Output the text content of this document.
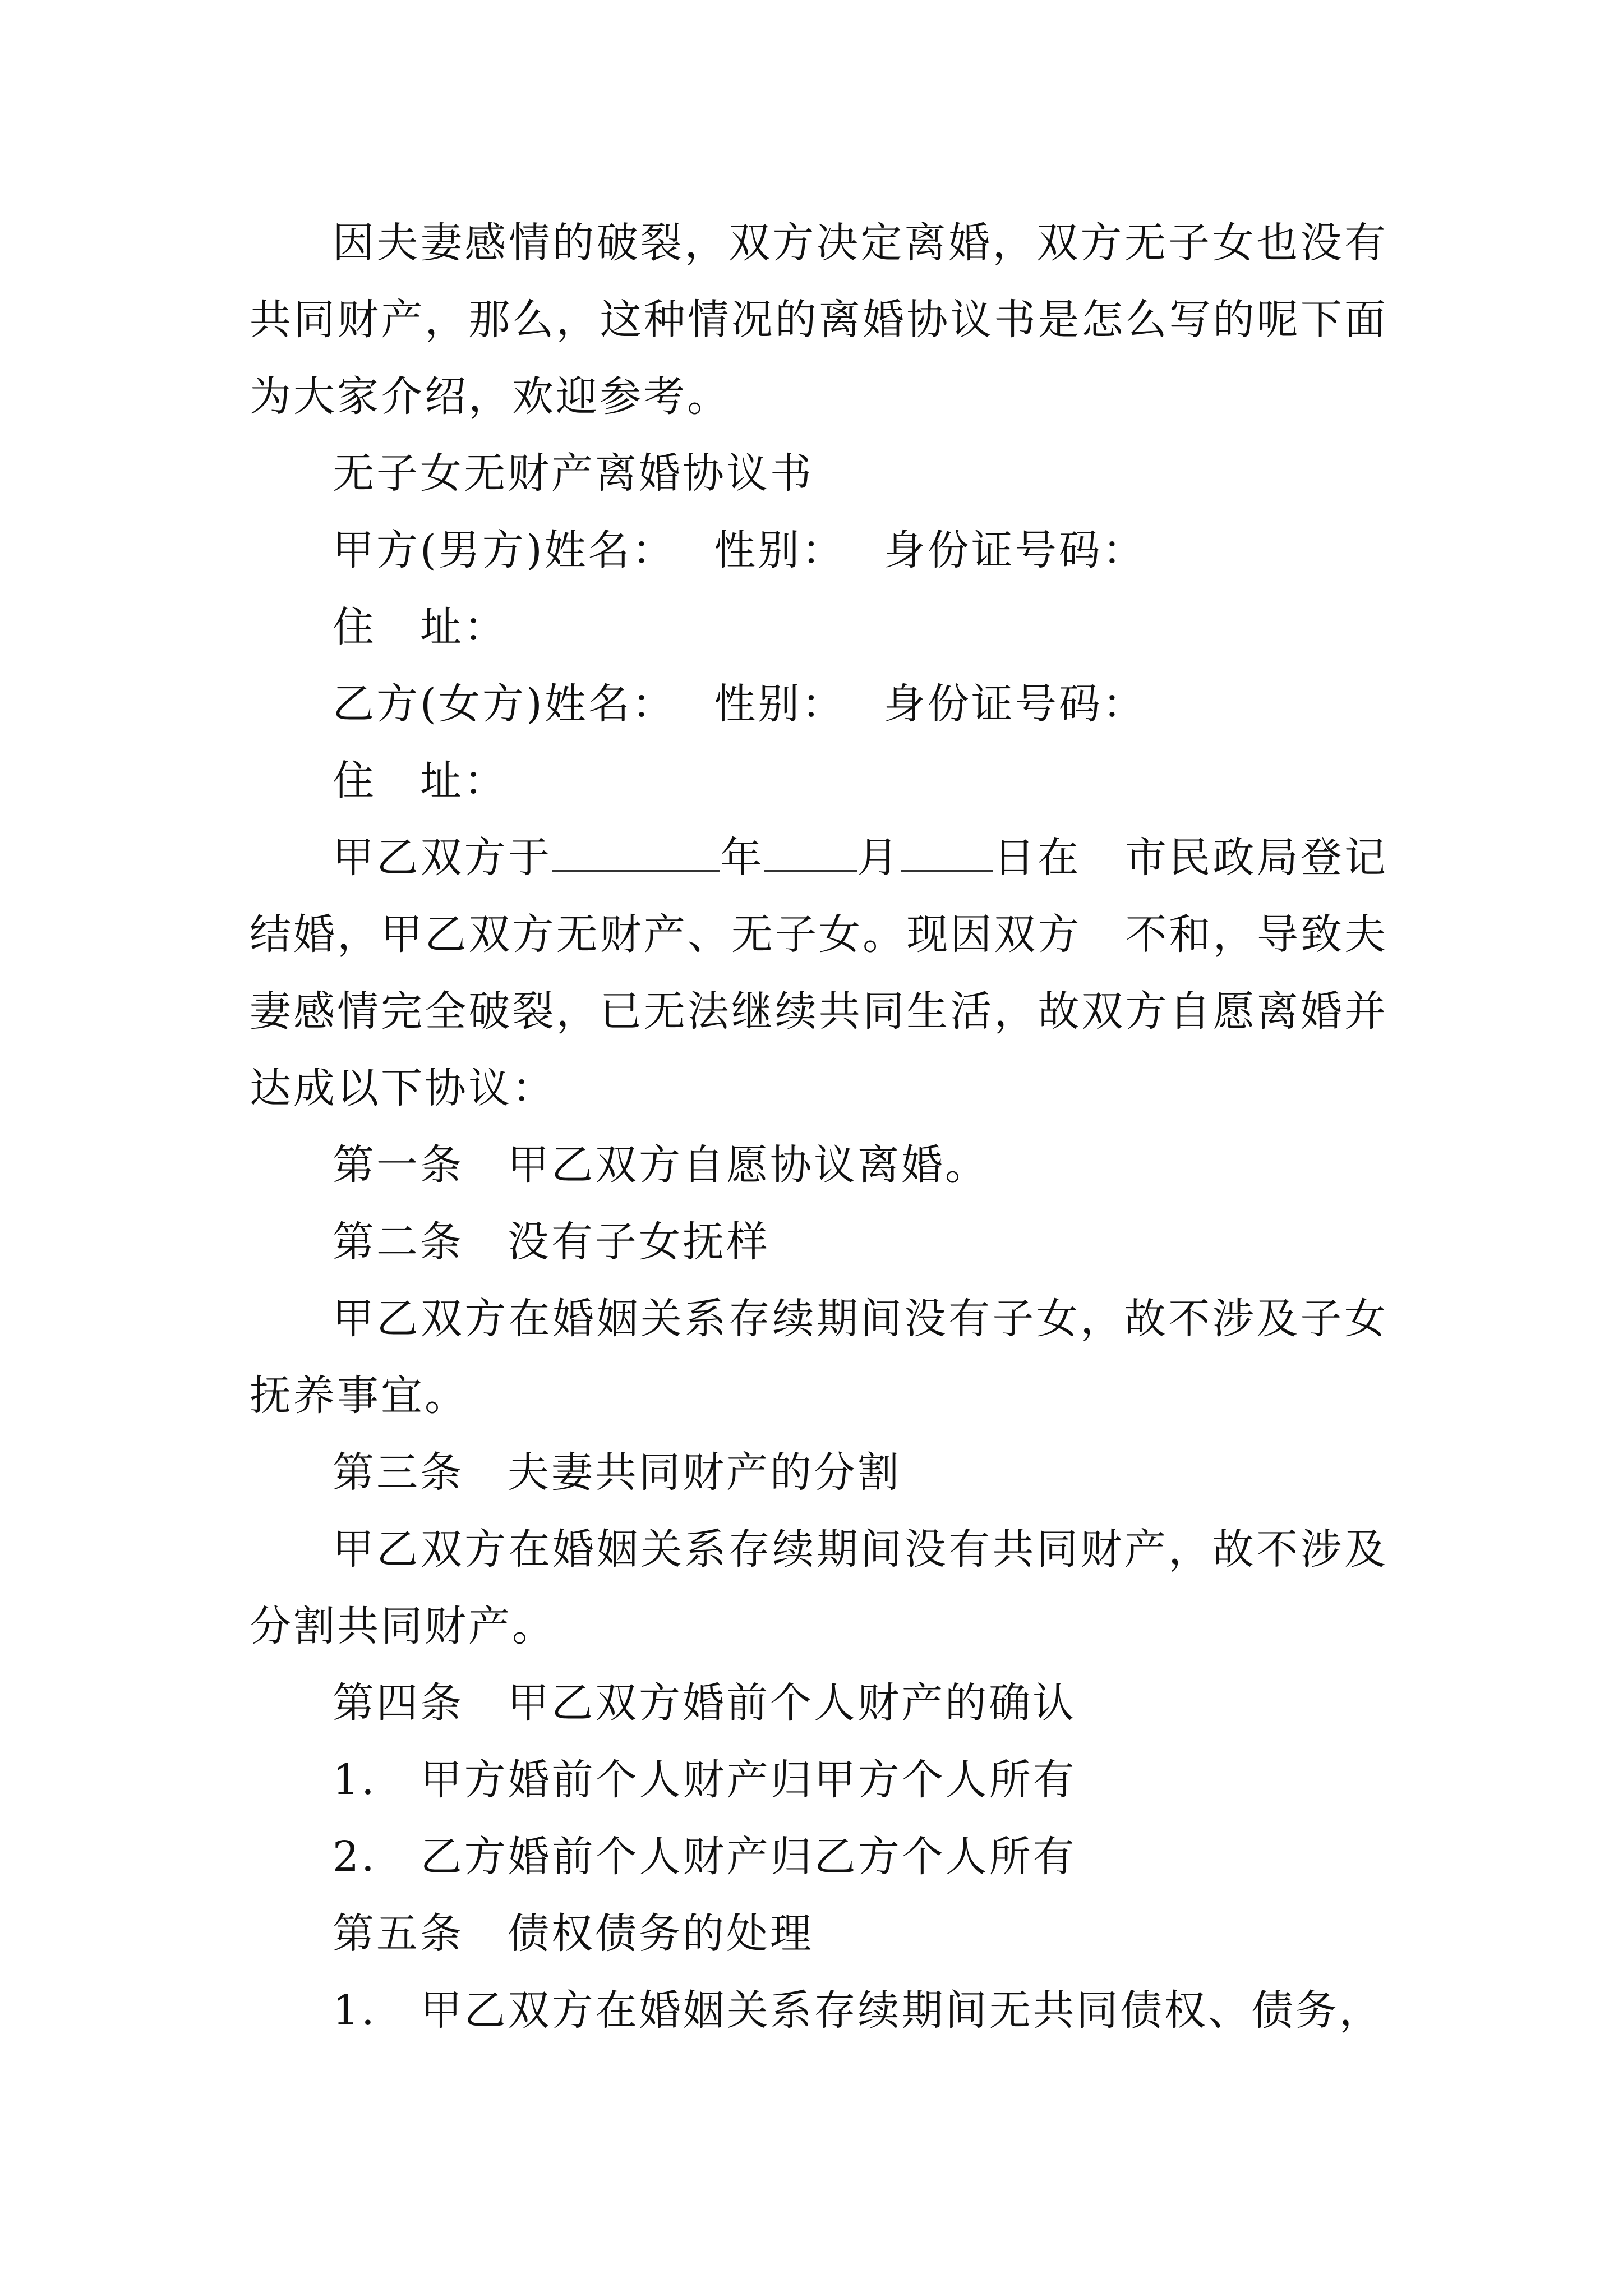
因夫妻感情的破裂，双方决定离婚，双方无子女也没有共同财产，那么，这种情况的离婚协议书是怎么写的呢下面为大家介绍，欢迎参考。

无子女无财产离婚协议书

甲方(男方)姓名：　 性别：　 身份证号码：

住　址：

乙方(女方)姓名：　 性别：　 身份证号码：

住　址：

甲乙双方于	年 月 日在　市民政局登记结婚，甲乙双方无财产、无子女。现因双方　不和，导致夫妻感情完全破裂，已无法继续共同生活，故双方自愿离婚并达成以下协议：

第一条　甲乙双方自愿协议离婚。

第二条　没有子女抚样

甲乙双方在婚姻关系存续期间没有子女，故不涉及子女抚养事宜。

第三条　夫妻共同财产的分割

甲乙双方在婚姻关系存续期间没有共同财产，故不涉及分割共同财产。

第四条　甲乙双方婚前个人财产的确认

1.　甲方婚前个人财产归甲方个人所有

2.　乙方婚前个人财产归乙方个人所有

第五条　债权债务的处理

1.　甲乙双方在婚姻关系存续期间无共同债权、债务，
